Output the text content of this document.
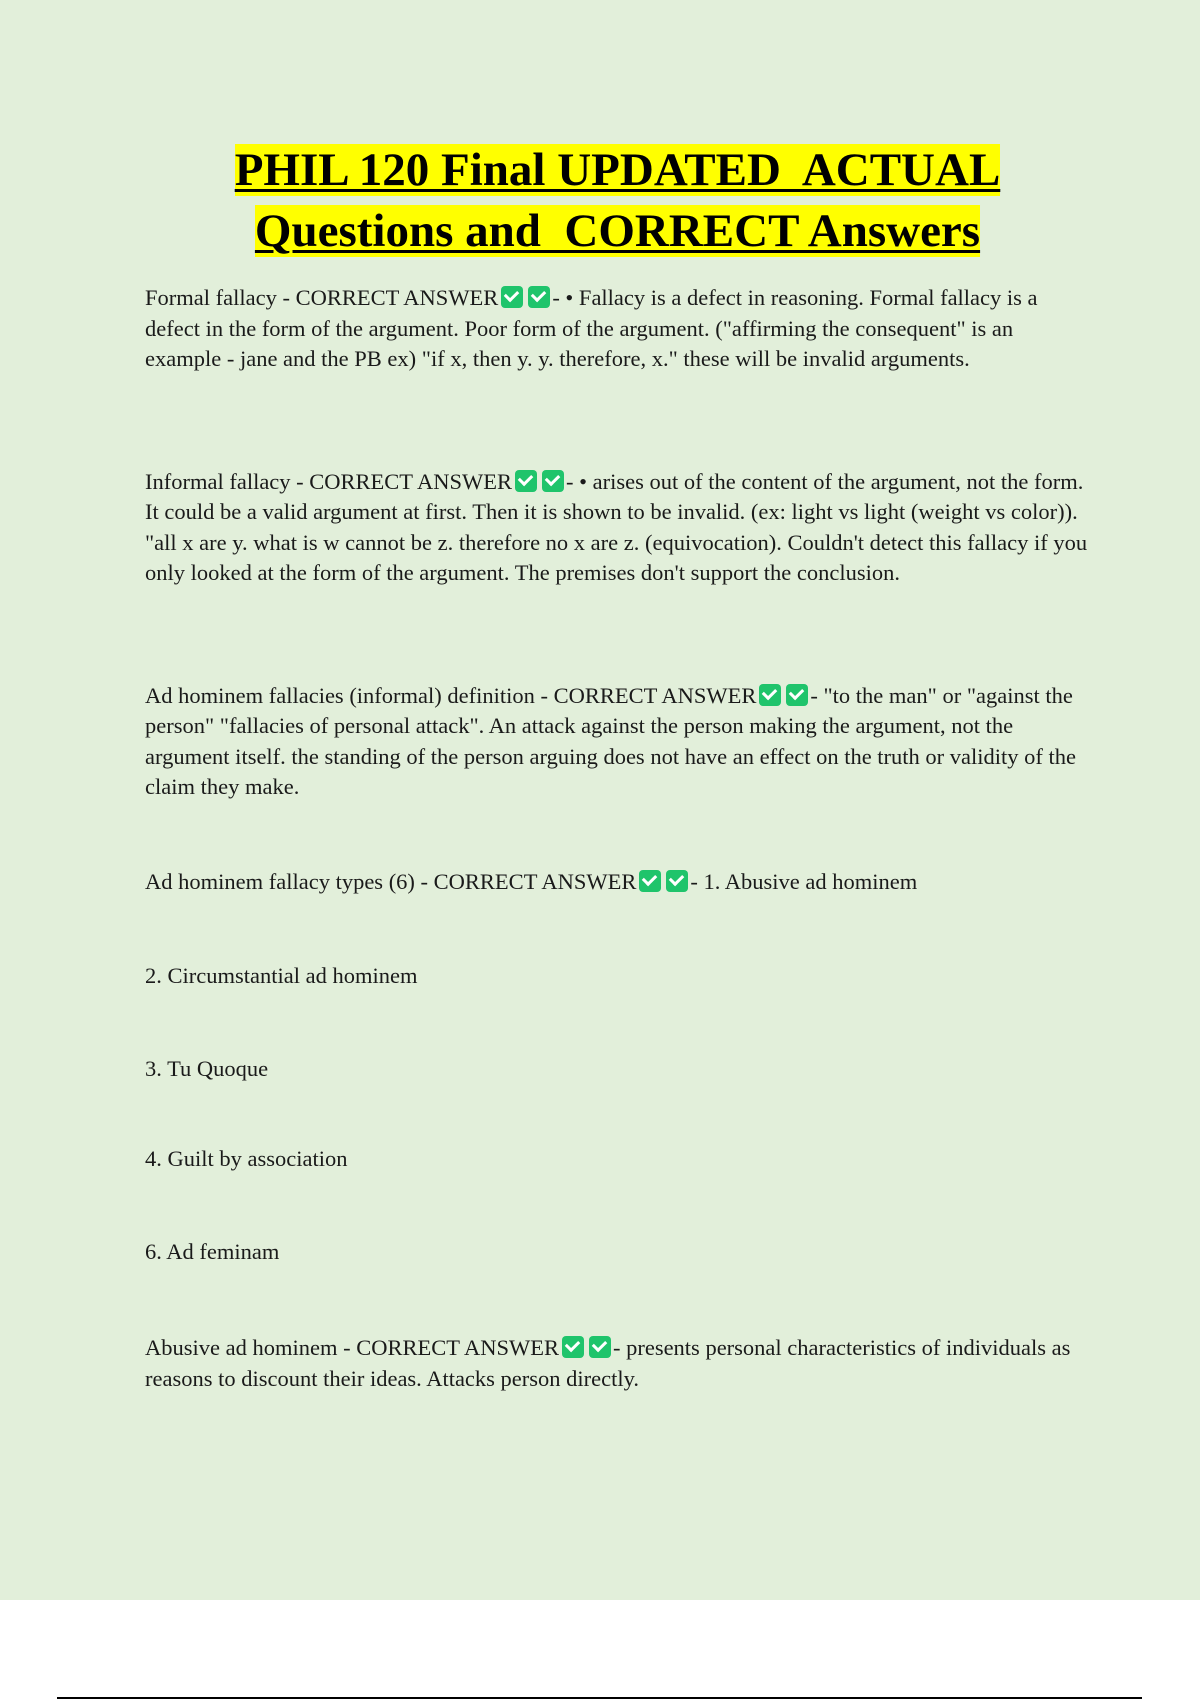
PHIL 120 Final UPDATED  ACTUAL
Questions and  CORRECT Answers

Formal fallacy - CORRECT ANSWER - • Fallacy is a defect in reasoning. Formal fallacy is a defect in the form of the argument. Poor form of the argument. ("affirming the consequent" is an example - jane and the PB ex) "if x, then y. y. therefore, x." these will be invalid arguments.

Informal fallacy - CORRECT ANSWER - • arises out of the content of the argument, not the form. It could be a valid argument at first. Then it is shown to be invalid. (ex: light vs light (weight vs color)). "all x are y. what is w cannot be z. therefore no x are z. (equivocation). Couldn't detect this fallacy if you only looked at the form of the argument. The premises don't support the conclusion.

Ad hominem fallacies (informal) definition - CORRECT ANSWER - "to the man" or "against the person" "fallacies of personal attack". An attack against the person making the argument, not the argument itself. the standing of the person arguing does not have an effect on the truth or validity of the claim they make.

Ad hominem fallacy types (6) - CORRECT ANSWER - 1. Abusive ad hominem

2. Circumstantial ad hominem

3. Tu Quoque

4. Guilt by association

6. Ad feminam

Abusive ad hominem - CORRECT ANSWER - presents personal characteristics of individuals as reasons to discount their ideas. Attacks person directly.
